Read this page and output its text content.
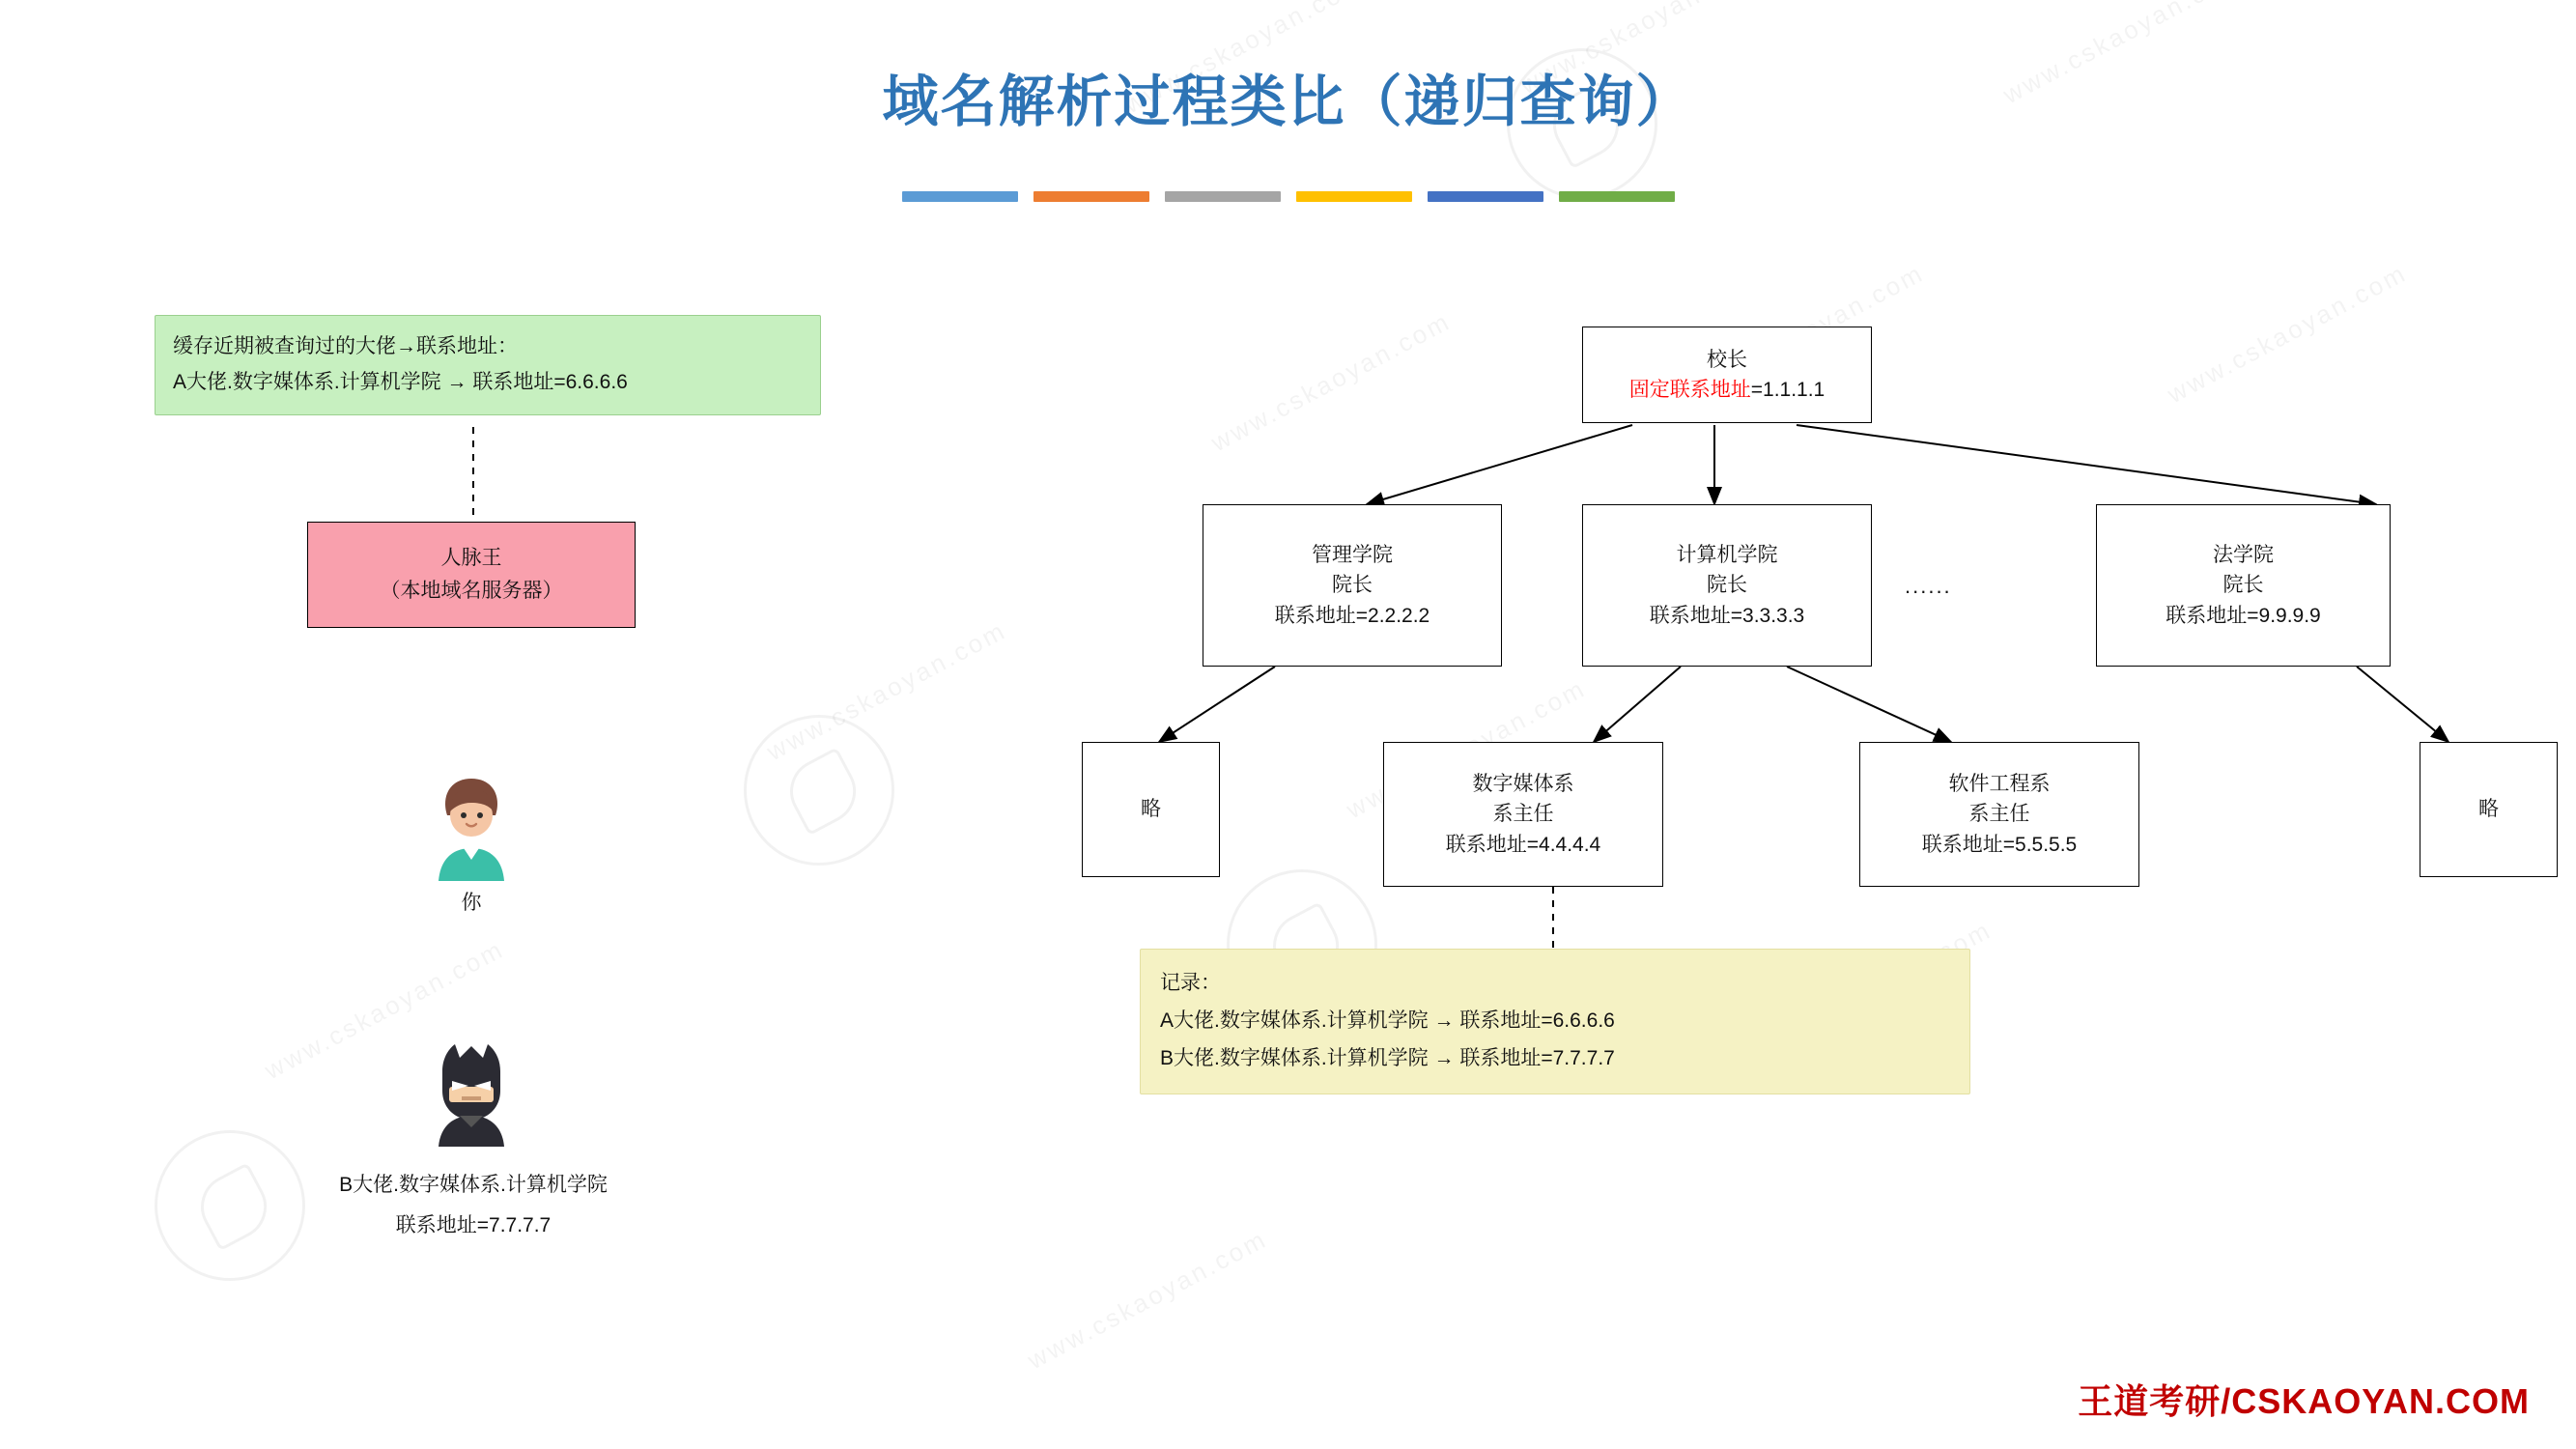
域名解析过程类比（递归查询）
缓存近期被查询过的大佬→联系地址：
A大佬.数字媒体系.计算机学院 → 联系地址=6.6.6.6
人脉王
（本地域名服务器）
你
B大佬.数字媒体系.计算机学院
联系地址=7.7.7.7
校长
固定联系地址=1.1.1.1
管理学院
院长
联系地址=2.2.2.2
计算机学院
院长
联系地址=3.3.3.3
......
法学院
院长
联系地址=9.9.9.9
略
数字媒体系
系主任
联系地址=4.4.4.4
软件工程系
系主任
联系地址=5.5.5.5
略
记录：
A大佬.数字媒体系.计算机学院 → 联系地址=6.6.6.6
B大佬.数字媒体系.计算机学院 → 联系地址=7.7.7.7
王道考研/CSKAOYAN.COM
